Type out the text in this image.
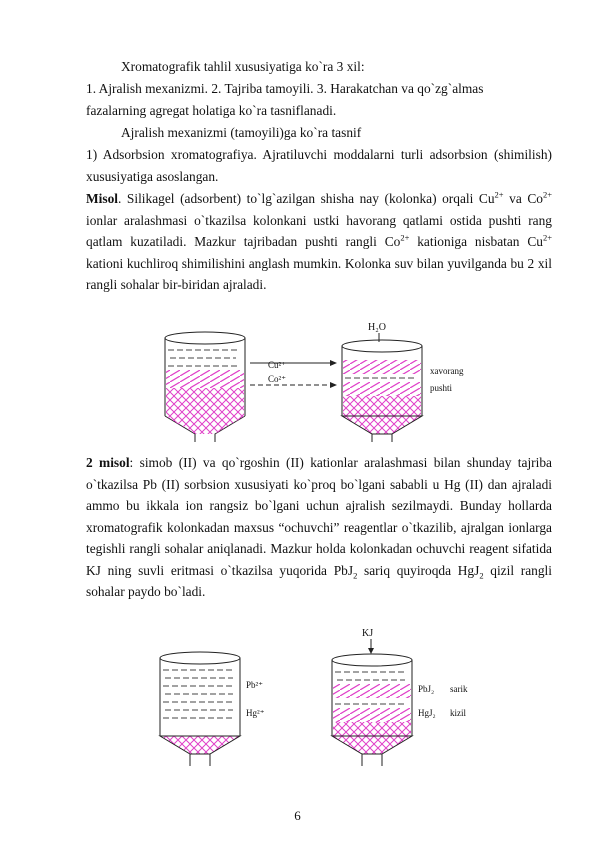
Xromatografik tahlil xususiyatiga ko`ra 3 xil:

1. Ajralish mexanizmi. 2. Tajriba tamoyili. 3. Harakatchan va qo`zg`almas

fazalarning agregat holatiga ko`ra tasniflanadi.

Ajralish mexanizmi (tamoyili)ga ko`ra tasnif

1) Adsorbsion xromatografiya. Ajratiluvchi moddalarni turli adsorbsion (shimilish) xususiyatiga asoslangan.

Misol. Silikagel (adsorbent) to`lg`azilgan shisha nay (kolonka) orqali $Cu^{2+}$ va $Co^{2+}$ ionlar aralashmasi o`tkazilsa kolonkani ustki havorang qatlami ostida pushti rang qatlam kuzatiladi. Mazkur tajribadan pushti rangli $Co^{2+}$ kationiga nisbatan $Cu^{2+}$ kationi kuchliroq shimilishini anglash mumkin. Kolonka suv bilan yuvilganda bu 2 xil rangli sohalar bir-biridan ajraladi.

Cu²⁺
Co²⁺
H₂O
xavorang
pushti

2 misol: simob (II) va qo`rgoshin (II) kationlar aralashmasi bilan shunday tajriba o`tkazilsa Pb (II) sorbsion xususiyati ko`proq bo`lgani sababli u Hg (II) dan ajraladi ammo bu ikkala ion rangsiz bo`lgani uchun ajralish sezilmaydi. Bunday hollarda xromatografik kolonkadan maxsus “ochuvchi” reagentlar o`tkazilib, ajralgan ionlarga tegishli rangli sohalar aniqlanadi. Mazkur holda kolonkadan ochuvchi reagent sifatida KJ ning suvli eritmasi o`tkazilsa yuqorida PbJ$_2$ sariq quyiroqda HgJ$_2$ qizil rangli sohalar paydo bo`ladi.

Pb²⁺
Hg²⁺
KJ
PbJ₂ sarik
HgJ₂ kizil
6
